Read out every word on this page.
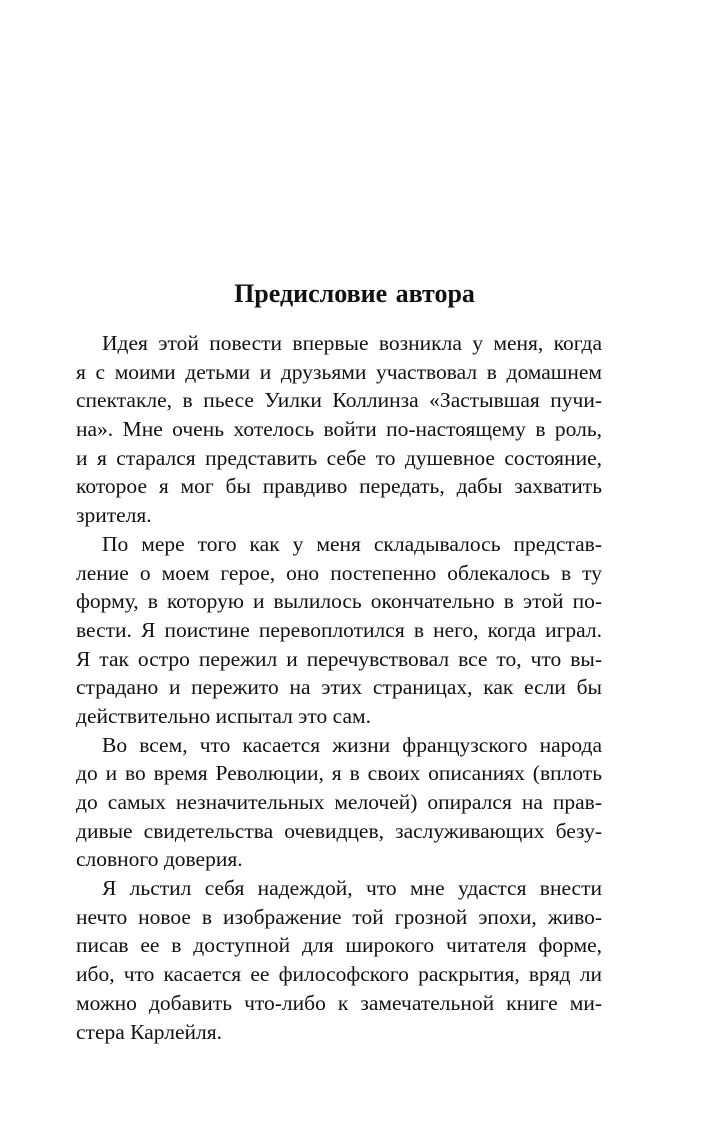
Предисловие автора
Идея этой повести впервые возникла у меня, когда
я с моими детьми и друзьями участвовал в домашнем
спектакле, в пьесе Уилки Коллинза «Застывшая пучи-
на». Мне очень хотелось войти по-настоящему в роль,
и я старался представить себе то душевное состояние,
которое я мог бы правдиво передать, дабы захватить
зрителя.
По мере того как у меня складывалось представ-
ление о моем герое, оно постепенно облекалось в ту
форму, в которую и вылилось окончательно в этой по-
вести. Я поистине перевоплотился в него, когда играл.
Я так остро пережил и перечувствовал все то, что вы-
страдано и пережито на этих страницах, как если бы
действительно испытал это сам.
Во всем, что касается жизни французского народа
до и во время Революции, я в своих описаниях (вплоть
до самых незначительных мелочей) опирался на прав-
дивые свидетельства очевидцев, заслуживающих безу-
словного доверия.
Я льстил себя надеждой, что мне удастся внести
нечто новое в изображение той грозной эпохи, живо-
писав ее в доступной для широкого читателя форме,
ибо, что касается ее философского раскрытия, вряд ли
можно добавить что-либо к замечательной книге ми-
стера Карлейля.
